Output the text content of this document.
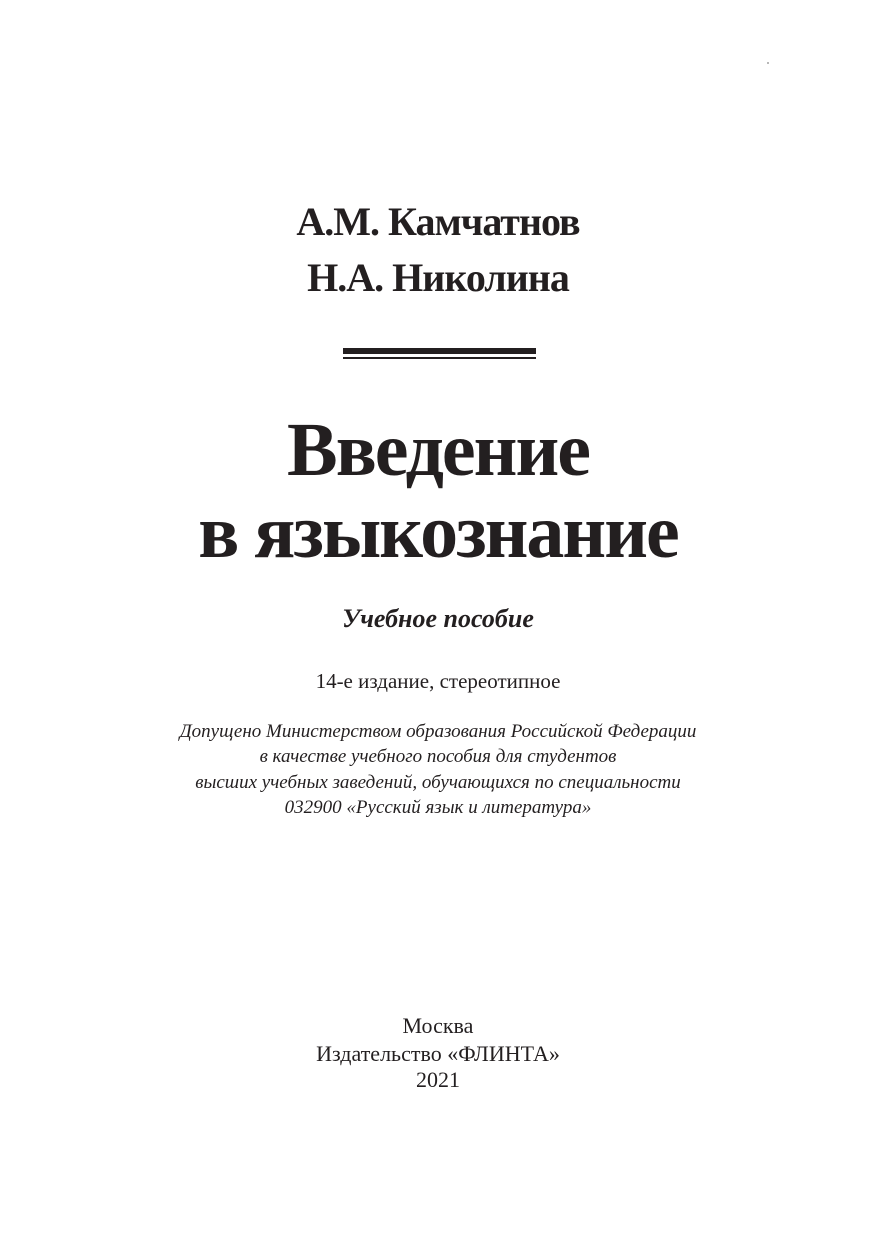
А.М. Камчатнов
Н.А. Николина
Введение
в языкознание
Учебное пособие
14-е издание, стереотипное
Допущено Министерством образования Российской Федерации
в качестве учебного пособия для студентов
высших учебных заведений, обучающихся по специальности
032900 «Русский язык и литература»
Москва
Издательство «ФЛИНТА»
2021
